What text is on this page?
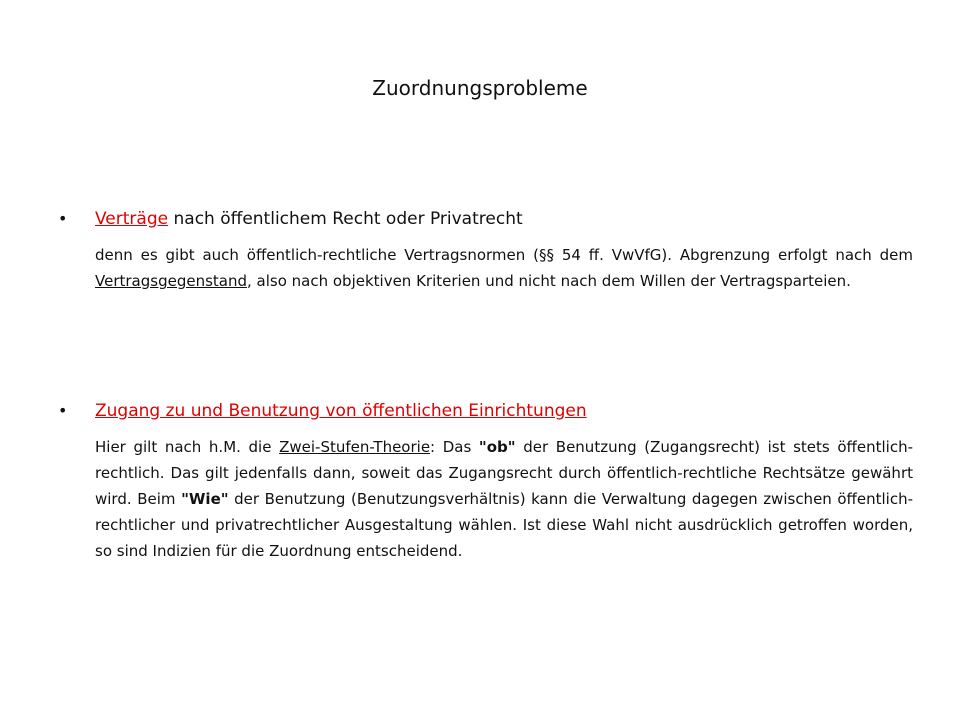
Zuordnungsprobleme
• Verträge nach öffentlichem Recht oder Privatrecht
denn es gibt auch öffentlich-rechtliche Vertragsnormen (§§ 54 ff. VwVfG). Abgrenzung erfolgt nach dem Vertragsgegenstand, also nach objektiven Kriterien und nicht nach dem Willen der Vertragsparteien.
• Zugang zu und Benutzung von öffentlichen Einrichtungen
Hier gilt nach h.M. die Zwei-Stufen-Theorie: Das "ob" der Benutzung (Zugangsrecht) ist stets öffentlich-rechtlich. Das gilt jedenfalls dann, soweit das Zugangsrecht durch öffentlich-rechtliche Rechtsätze gewährt wird. Beim "Wie" der Benutzung (Benutzungsverhältnis) kann die Verwaltung dagegen zwischen öffentlich-rechtlicher und privatrechtlicher Ausgestaltung wählen. Ist diese Wahl nicht ausdrücklich getroffen worden, so sind Indizien für die Zuordnung entscheidend.
